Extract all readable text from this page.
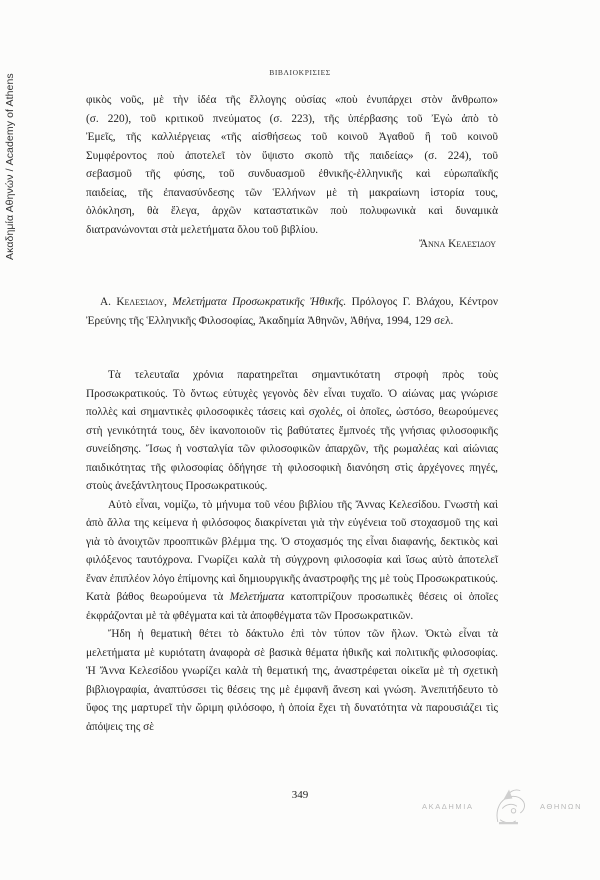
Ακαδημία Αθηνών / Academy of Athens
ΒΙΒΛΙΟΚΡΙΣΙΕΣ
φικὸς νοῦς, μὲ τὴν ἰδέα τῆς ἔλλογης οὐσίας «ποὺ ἐνυπάρχει στὸν ἄνθρωπο»
(σ. 220), τοῦ κριτικοῦ πνεύματος (σ. 223), τῆς ὑπέρβασης τοῦ Ἐγὼ ἀπὸ τὸ
Ἐμεῖς, τῆς καλλιέργειας «τῆς αἰσθήσεως τοῦ κοινοῦ Ἀγαθοῦ ἢ τοῦ κοινοῦ
Συμφέροντος ποὺ ἀποτελεῖ τὸν ὕψιστο σκοπὸ τῆς παιδείας» (σ. 224), τοῦ
σεβασμοῦ τῆς φύσης, τοῦ συνδυασμοῦ ἐθνικῆς-ἑλληνικῆς καὶ εὐρωπαϊκῆς
παιδείας, τῆς ἐπανασύνδεσης τῶν Ἑλλήνων μὲ τὴ μακραίωνη ἱστορία τους,
ὁλόκληση, θὰ ἔλεγα, ἀρχῶν καταστατικῶν ποὺ πολυφωνικὰ καὶ δυναμικὰ
διατρανώνονται στὰ μελετήματα ὅλου τοῦ βιβλίου.
Ἄννα Κελεσίδου
Α. Κελεσίδου, Μελετήματα Προσωκρατικῆς Ἠθικῆς. Πρόλογος Γ. Βλάχου, Κέντρον Ἐρεύνης τῆς Ἑλληνικῆς Φιλοσοφίας, Ἀκαδημία Ἀθηνῶν, Ἀθήνα, 1994, 129 σελ.

Τὰ τελευταῖα χρόνια παρατηρεῖται σημαντικότατη στροφὴ πρὸς τοὺς Προσωκρατικούς. Τὸ ὄντως εὐτυχὲς γεγονὸς δὲν εἶναι τυχαῖο. Ὁ αἰώνας μας γνώρισε πολλὲς καὶ σημαντικὲς φιλοσοφικὲς τάσεις καὶ σχολές, οἱ ὁποῖες, ὡστόσο, θεωρούμενες στὴ γενικότητά τους, δὲν ἱκανοποιοῦν τὶς βαθύτατες ἔμπνοές τῆς γνήσιας φιλοσοφικῆς συνείδησης. Ἴσως ἡ νοσταλγία τῶν φιλοσοφικῶν ἀπαρχῶν, τῆς ρωμαλέας καὶ αἰώνιας παιδικότητας τῆς φιλοσοφίας ὁδήγησε τὴ φιλοσοφικὴ διανόηση στὶς ἀρχέγονες πηγές, στοὺς ἀνεξάντλητους Προσωκρατικούς.

Αὐτὸ εἶναι, νομίζω, τὸ μήνυμα τοῦ νέου βιβλίου τῆς Ἄννας Κελεσίδου. Γνωστὴ καὶ ἀπὸ ἄλλα της κείμενα ἡ φιλόσοφος διακρίνεται γιὰ τὴν εὐγένεια τοῦ στοχασμοῦ της καὶ γιὰ τὸ ἀνοιχτῶν προοπτικῶν βλέμμα της. Ὁ στοχασμός της εἶναι διαφανής, δεκτικὸς καὶ φιλόξενος ταυτόχρονα. Γνωρίζει καλὰ τὴ σύγχρονη φιλοσοφία καὶ ἴσως αὐτὸ ἀποτελεῖ ἕναν ἐπιπλέον λόγο ἐπίμονης καὶ δημιουργικῆς ἀναστροφῆς της μὲ τοὺς Προσωκρατικούς. Κατὰ βάθος θεωρούμενα τὰ Μελετήματα κατοπτρίζουν προσωπικὲς θέσεις οἱ ὁποῖες ἐκφράζονται μὲ τὰ φθέγματα καὶ τὰ ἀποφθέγματα τῶν Προσωκρατικῶν.

Ἤδη ἡ θεματικὴ θέτει τὸ δάκτυλο ἐπὶ τὸν τύπον τῶν ἥλων. Ὀκτὼ εἶναι τὰ μελετήματα μὲ κυριότατη ἀναφορὰ σὲ βασικὰ θέματα ἠθικῆς καὶ πολιτικῆς φιλοσοφίας. Ἡ Ἄννα Κελεσίδου γνωρίζει καλὰ τὴ θεματική της, ἀναστρέφεται οἰκεῖα μὲ τὴ σχετικὴ βιβλιογραφία, ἀναπτύσσει τὶς θέσεις της μὲ ἐμφανῆ ἄνεση καὶ γνώση. Ἀνεπιτήδευτο τὸ ὕφος της μαρτυρεῖ τὴν ὥριμη φιλόσοφο, ἡ ὁποία ἔχει τὴ δυνατότητα νὰ παρουσιάζει τὶς ἀπόψεις της σὲ

349
ΑΚΑΔΗΜΙΑ	ΑΘΗΝΩΝ
